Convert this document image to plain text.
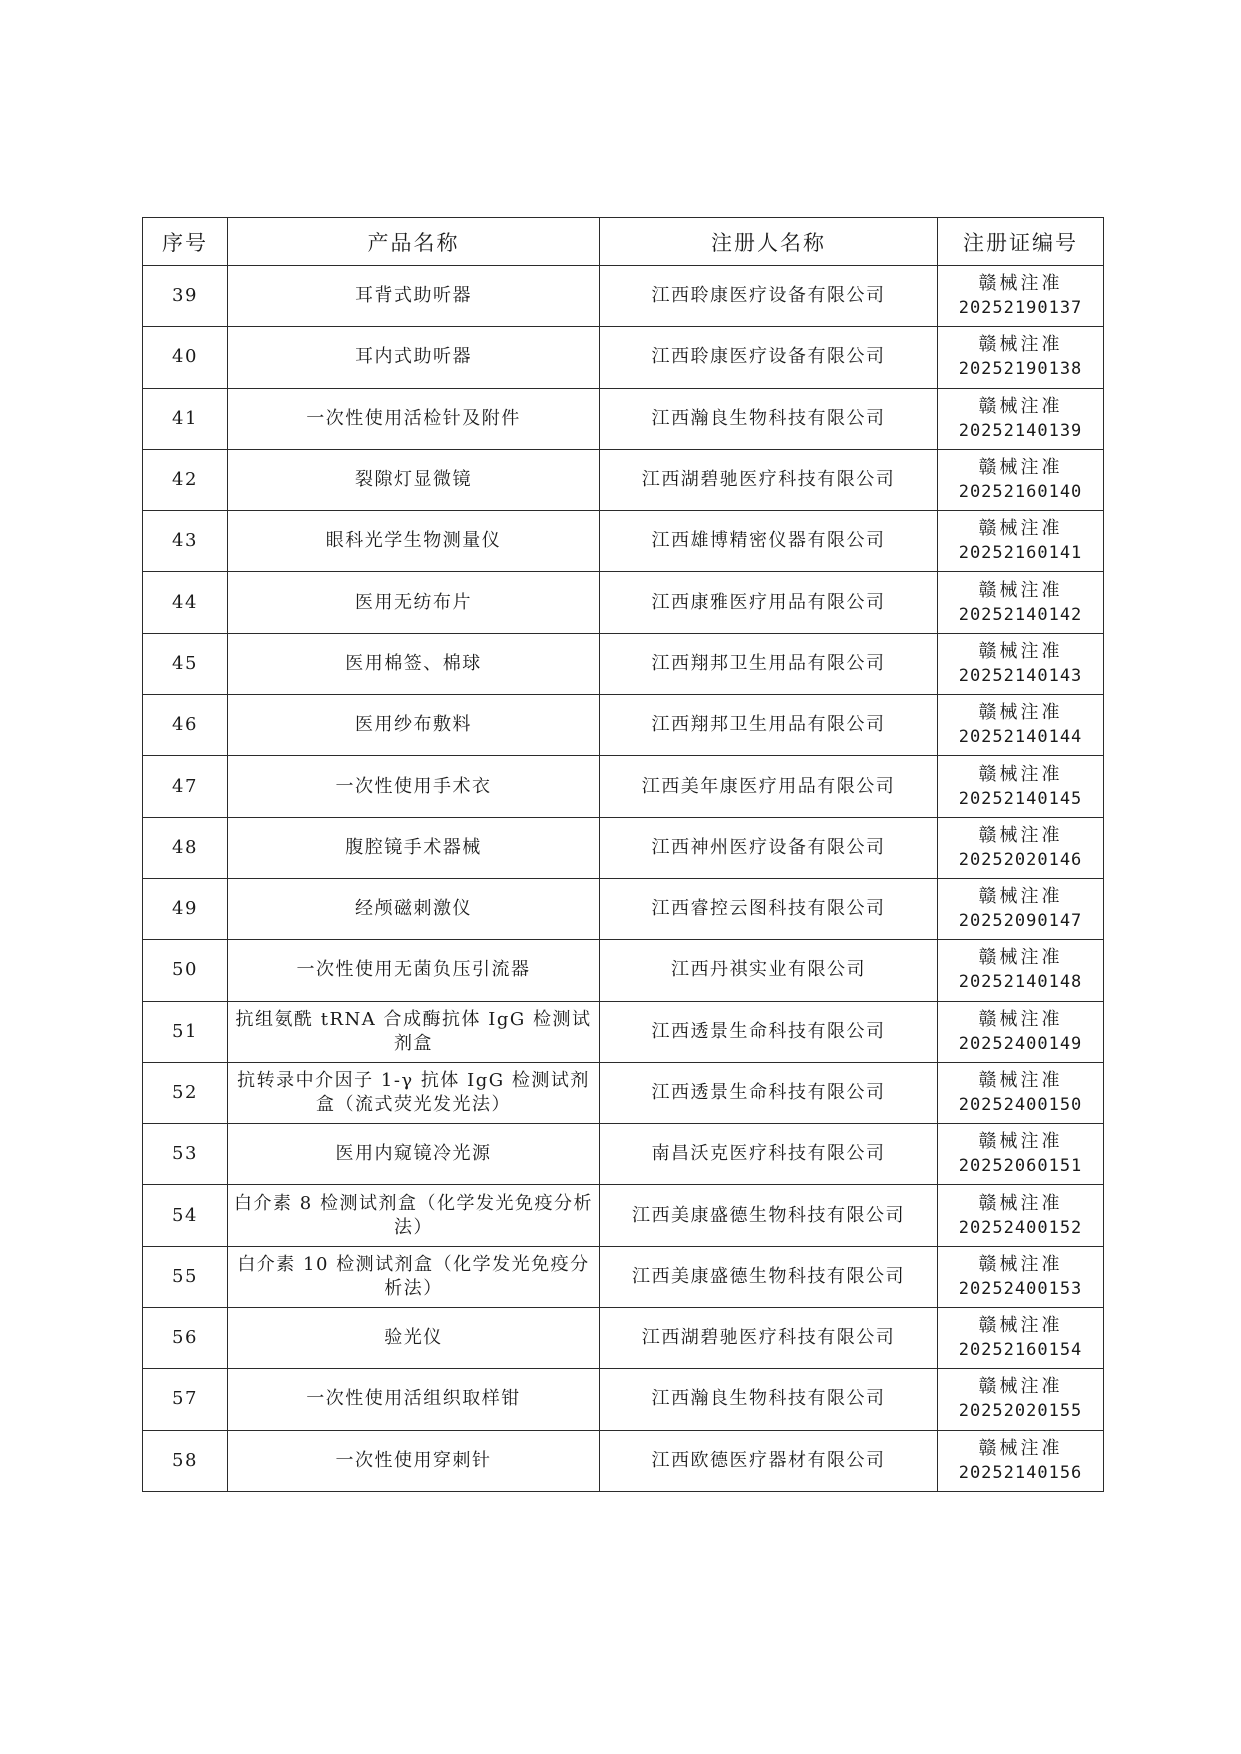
序号	产品名称	注册人名称	注册证编号
39	耳背式助听器	江西聆康医疗设备有限公司	赣械注准
20252190137

40	耳内式助听器	江西聆康医疗设备有限公司	赣械注准
20252190138

41	一次性使用活检针及附件	江西瀚良生物科技有限公司	赣械注准
20252140139

42	裂隙灯显微镜	江西湖碧驰医疗科技有限公司	赣械注准
20252160140

43	眼科光学生物测量仪	江西雄博精密仪器有限公司	赣械注准
20252160141

44	医用无纺布片	江西康雅医疗用品有限公司	赣械注准
20252140142

45	医用棉签、棉球	江西翔邦卫生用品有限公司	赣械注准
20252140143

46	医用纱布敷料	江西翔邦卫生用品有限公司	赣械注准
20252140144

47	一次性使用手术衣	江西美年康医疗用品有限公司	赣械注准
20252140145

48	腹腔镜手术器械	江西神州医疗设备有限公司	赣械注准
20252020146

49	经颅磁刺激仪	江西睿控云图科技有限公司	赣械注准
20252090147

50	一次性使用无菌负压引流器	江西丹祺实业有限公司	赣械注准
20252140148

51	抗组氨酰 tRNA 合成酶抗体 IgG 检测试剂盒	江西透景生命科技有限公司	赣械注准
20252400149

52	抗转录中介因子 1-γ 抗体 IgG 检测试剂盒（流式荧光发光法）	江西透景生命科技有限公司	赣械注准
20252400150

53	医用内窥镜冷光源	南昌沃克医疗科技有限公司	赣械注准
20252060151

54	白介素 8 检测试剂盒（化学发光免疫分析法）	江西美康盛德生物科技有限公司	赣械注准
20252400152

55	白介素 10 检测试剂盒（化学发光免疫分析法）	江西美康盛德生物科技有限公司	赣械注准
20252400153

56	验光仪	江西湖碧驰医疗科技有限公司	赣械注准
20252160154

57	一次性使用活组织取样钳	江西瀚良生物科技有限公司	赣械注准
20252020155

58	一次性使用穿刺针	江西欧德医疗器材有限公司	赣械注准
20252140156
